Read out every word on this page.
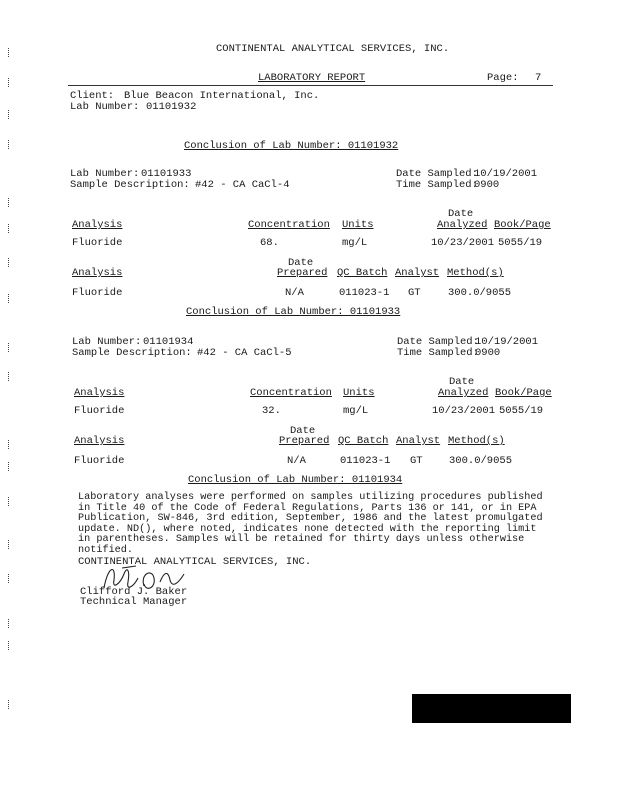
CONTINENTAL ANALYTICAL SERVICES, INC.
LABORATORY REPORT	Page: 7
Client: Blue Beacon International, Inc.
Lab Number: 01101932
Conclusion of Lab Number: 01101932
Lab Number: 01101933
Sample Description: #42 - CA CaCl-4
Date Sampled:
10/19/2001
Time Sampled:
0900
Date
Analysis	Concentration Units	Analyzed Book/Page
Fluoride	68.	mg/L	10/23/2001 5055/19
Date
Analysis	Prepared QC Batch Analyst Method(s)
Fluoride	N/A	011023-1 GT	300.0/9055
Conclusion of Lab Number: 01101933
Lab Number: 01101934
Sample Description: #42 - CA CaCl-5
Date Sampled:
10/19/2001
Time Sampled:
0900
Date
Analysis	Concentration Units	Analyzed Book/Page
Fluoride	32.	mg/L	10/23/2001 5055/19
Date
Analysis	Prepared QC Batch Analyst Method(s)
Fluoride	N/A	011023-1 GT	300.0/9055
Conclusion of Lab Number: 01101934
Laboratory analyses were performed on samples utilizing procedures published in Title 40 of the Code of Federal Regulations, Parts 136 or 141, or in EPA Publication, SW-846, 3rd edition, September, 1986 and the latest promulgated update. ND(), where noted, indicates none detected with the reporting limit in parentheses. Samples will be retained for thirty days unless otherwise notified.
CONTINENTAL ANALYTICAL SERVICES, INC.
Clifford J. Baker
Technical Manager
